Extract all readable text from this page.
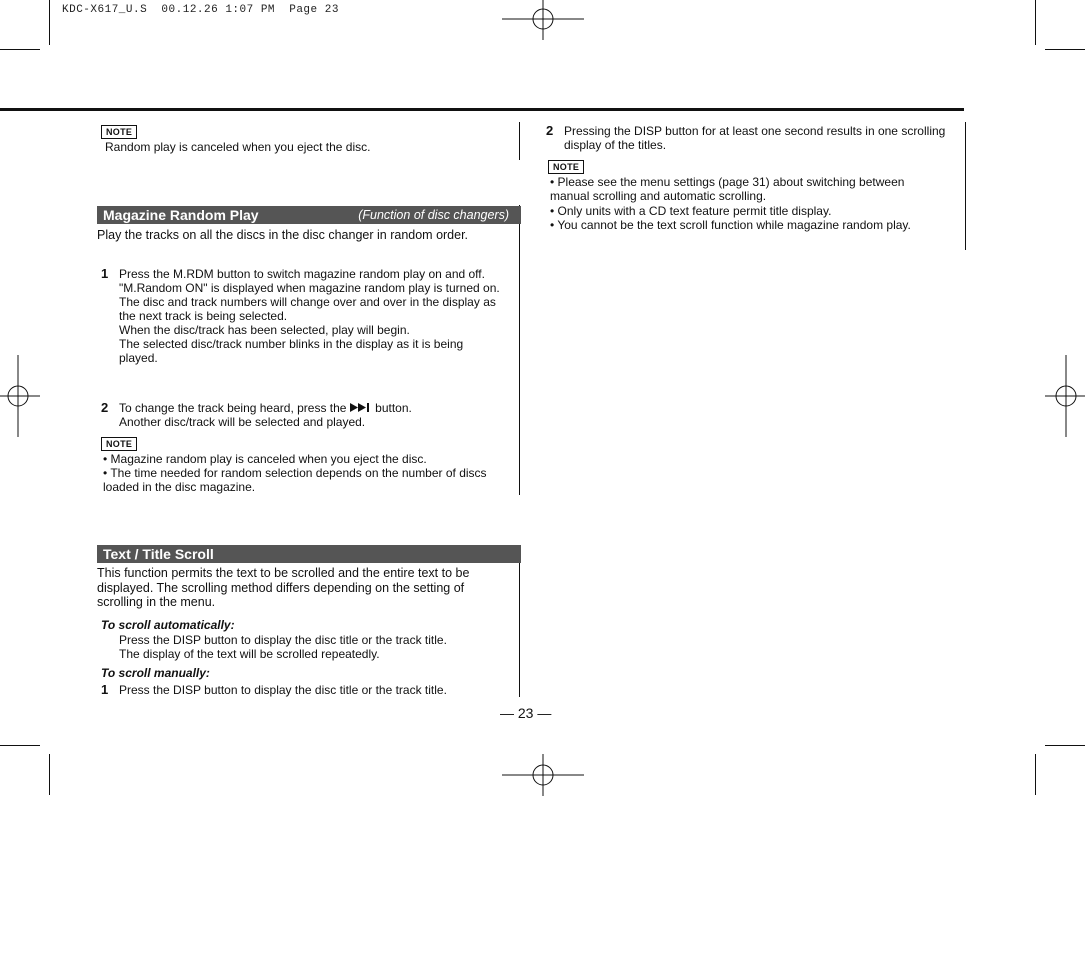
KDC-X617_U.S  00.12.26 1:07 PM  Page 23
NOTE
Random play is canceled when you eject the disc.
Magazine Random Play	(Function of disc changers)
Play the tracks on all the discs in the disc changer in random order.
1 Press the M.RDM button to switch magazine random play on and off.
"M.Random ON" is displayed when magazine random play is turned on.
The disc and track numbers will change over and over in the display as the next track is being selected.
When the disc/track has been selected, play will begin.
The selected disc/track number blinks in the display as it is being played.
2 To change the track being heard, press the  button.
Another disc/track will be selected and played.
NOTE
• Magazine random play is canceled when you eject the disc.
• The time needed for random selection depends on the number of discs loaded in the disc magazine.
Text / Title Scroll
This function permits the text to be scrolled and the entire text to be displayed. The scrolling method differs depending on the setting of scrolling in the menu.
To scroll automatically:
Press the DISP button to display the disc title or the track title.
The display of the text will be scrolled repeatedly.
To scroll manually:
1 Press the DISP button to display the disc title or the track title.
2 Pressing the DISP button for at least one second results in one scrolling display of the titles.
NOTE
• Please see the menu settings (page 31) about switching between manual scrolling and automatic scrolling.
• Only units with a CD text feature permit title display.
• You cannot be the text scroll function while magazine random play.
— 23 —
